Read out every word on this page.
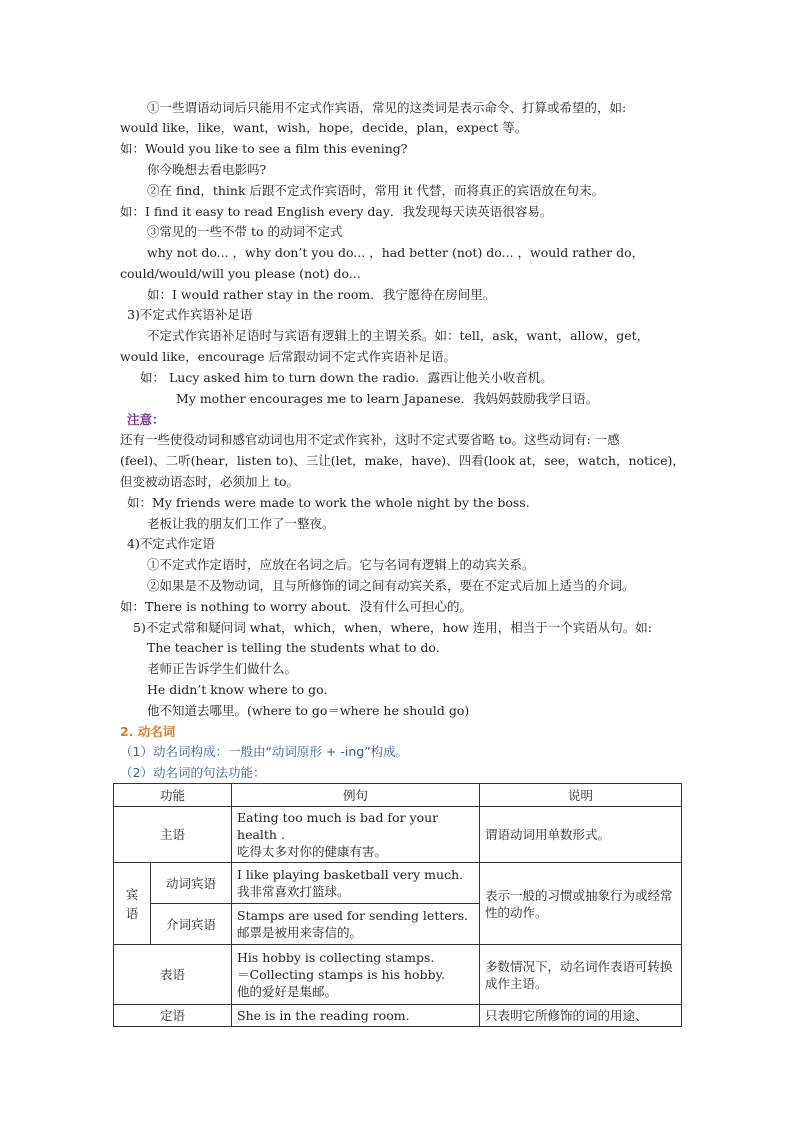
①一些谓语动词后只能用不定式作宾语，常见的这类词是表示命令、打算或希望的，如:
would like，like，want，wish，hope，decide，plan，expect 等。
如：Would you like to see a film this evening?
你今晚想去看电影吗?
②在 find，think 后跟不定式作宾语时，常用 it 代替，而将真正的宾语放在句末。
如：I find it easy to read English every day．我发现每天读英语很容易。
③常见的一些不带 to 的动词不定式
why not do... ，why don’t you do... ，had better (not) do... ，would rather do，
could/would/will you please (not) do...
如：I would rather stay in the room．我宁愿待在房间里。
3)不定式作宾语补足语
不定式作宾语补足语时与宾语有逻辑上的主谓关系。如：tell，ask，want，allow，get，
would like，encourage 后常跟动词不定式作宾语补足语。
如： Lucy asked him to turn down the radio．露西让他关小收音机。
My mother encourages me to learn Japanese．我妈妈鼓励我学日语。
注意：
还有一些使役动词和感官动词也用不定式作宾补，这时不定式要省略 to。这些动词有: 一感
(feel)、二听(hear，listen to)、三让(let，make，have)、四看(look at，see，watch，notice)，
但变被动语态时，必须加上 to。
如：My friends were made to work the whole night by the boss.
老板让我的朋友们工作了一整夜。
4)不定式作定语
①不定式作定语时，应放在名词之后。它与名词有逻辑上的动宾关系。
②如果是不及物动词，且与所修饰的词之间有动宾关系，要在不定式后加上适当的介词。
如：There is nothing to worry about．没有什么可担心的。
5)不定式常和疑问词 what，which，when，where，how 连用，相当于一个宾语从句。如:
The teacher is telling the students what to do.
老师正告诉学生们做什么。
He didn’t know where to go.
他不知道去哪里。(where to go＝where he should go)
2. 动名词
（1）动名词构成：一般由“动词原形 + -ing”构成。
（2）动名词的句法功能：
功能		例句	说明
主语		Eating too much is bad for your health .
吃得太多对你的健康有害。	谓语动词用单数形式。

宾语	动词宾语	I like playing basketball very much.
我非常喜欢打篮球。	表示一般的习惯或抽象行为或经常性的动作。
	介词宾语	Stamps are used for sending letters.
邮票是被用来寄信的。	

表语		His hobby is collecting stamps.
＝Collecting stamps is his hobby.
他的爱好是集邮。	多数情况下，动名词作表语可转换成作主语。
定语		She is in the reading room.	只表明它所修饰的词的用途、
